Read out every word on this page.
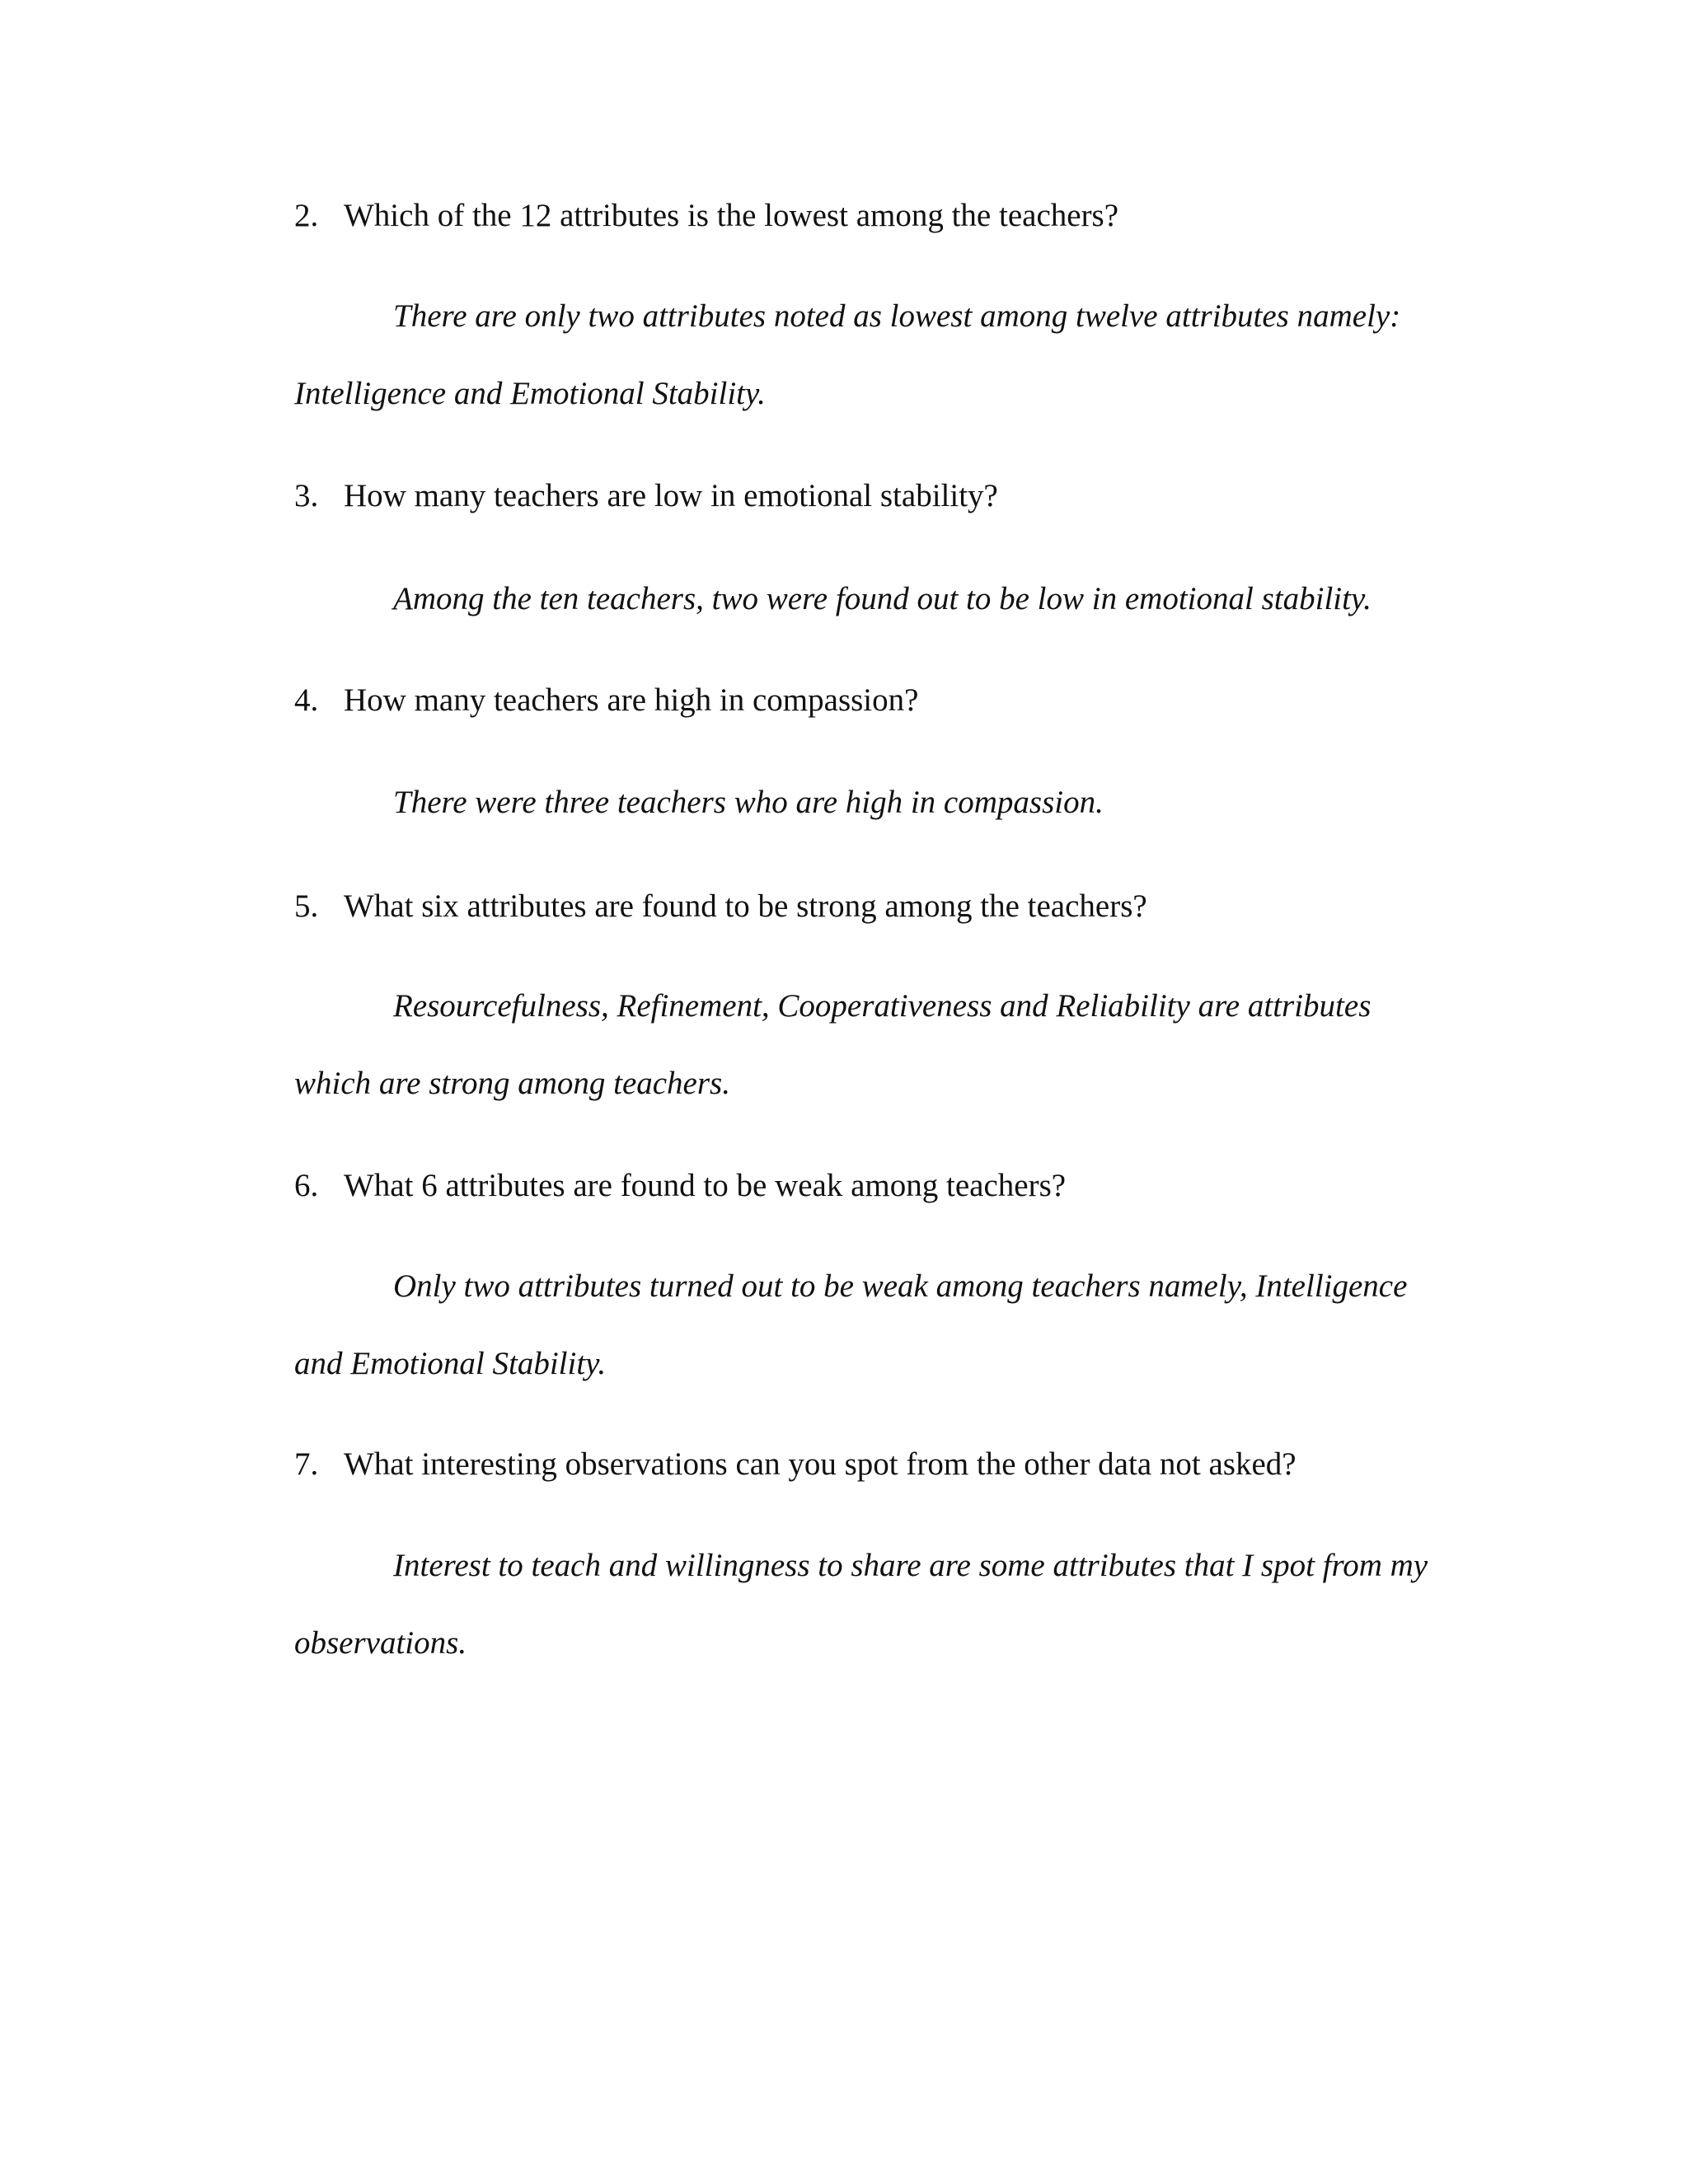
2. Which of the 12 attributes is the lowest among the teachers?
There are only two attributes noted as lowest among twelve attributes namely:
Intelligence and Emotional Stability.
3. How many teachers are low in emotional stability?
Among the ten teachers, two were found out to be low in emotional stability.
4. How many teachers are high in compassion?
There were three teachers who are high in compassion.
5. What six attributes are found to be strong among the teachers?
Resourcefulness, Refinement, Cooperativeness and Reliability are attributes
which are strong among teachers.
6. What 6 attributes are found to be weak among teachers?
Only two attributes turned out to be weak among teachers namely, Intelligence
and Emotional Stability.
7. What interesting observations can you spot from the other data not asked?
Interest to teach and willingness to share are some attributes that I spot from my
observations.
